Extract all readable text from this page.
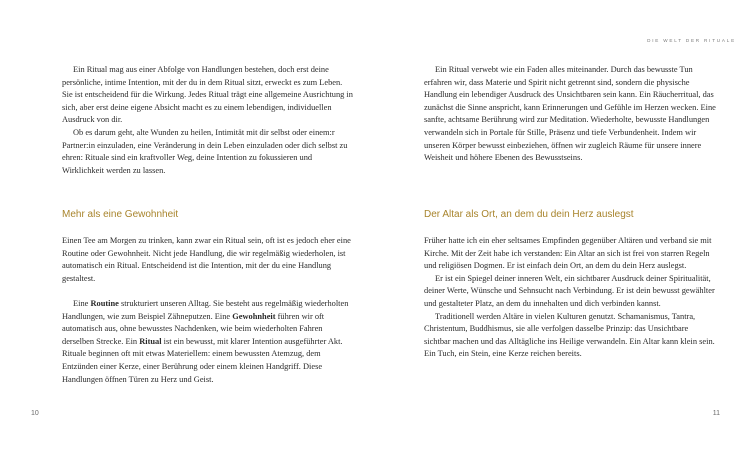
Ein Ritual mag aus einer Abfolge von Handlungen bestehen, doch erst deine persönliche, intime Intention, mit der du in dem Ritual sitzt, erweckt es zum Leben. Sie ist entscheidend für die Wirkung. Jedes Ritual trägt eine allgemeine Ausrichtung in sich, aber erst deine eigene Absicht macht es zu einem lebendigen, individuellen Ausdruck von dir.

Ob es darum geht, alte Wunden zu heilen, Intimität mit dir selbst oder einem:r Partner:in einzuladen, eine Veränderung in dein Leben einzuladen oder dich selbst zu ehren: Rituale sind ein kraftvoller Weg, deine Intention zu fokussieren und Wirklichkeit werden zu lassen.

Mehr als eine Gewohnheit

Einen Tee am Morgen zu trinken, kann zwar ein Ritual sein, oft ist es jedoch eher eine Routine oder Gewohnheit. Nicht jede Handlung, die wir regelmäßig wiederholen, ist automatisch ein Ritual. Entscheidend ist die Intention, mit der du eine Handlung gestaltest.

Eine Routine strukturiert unseren Alltag. Sie besteht aus regelmäßig wiederholten Handlungen, wie zum Beispiel Zähneputzen. Eine Gewohnheit führen wir oft automatisch aus, ohne bewusstes Nachdenken, wie beim wiederholten Fahren derselben Strecke. Ein Ritual ist ein bewusst, mit klarer Intention ausgeführter Akt.

Rituale beginnen oft mit etwas Materiellem: einem bewussten Atemzug, dem Entzünden einer Kerze, einer Berührung oder einem kleinen Handgriff. Diese Handlungen öffnen Türen zu Herz und Geist.

10
DIE WELT DER RITUALE

Ein Ritual verwebt wie ein Faden alles miteinander. Durch das bewusste Tun erfahren wir, dass Materie und Spirit nicht getrennt sind, sondern die physische Handlung ein lebendiger Ausdruck des Unsichtbaren sein kann. Ein Räucherritual, das zunächst die Sinne anspricht, kann Erinnerungen und Gefühle im Herzen wecken. Eine sanfte, achtsame Berührung wird zur Meditation. Wiederholte, bewusste Handlungen verwandeln sich in Portale für Stille, Präsenz und tiefe Verbundenheit. Indem wir unseren Körper bewusst einbeziehen, öffnen wir zugleich Räume für unsere innere Weisheit und höhere Ebenen des Bewusstseins.

Der Altar als Ort, an dem du dein Herz auslegst

Früher hatte ich ein eher seltsames Empfinden gegenüber Altären und verband sie mit Kirche. Mit der Zeit habe ich verstanden: Ein Altar an sich ist frei von starren Regeln und religiösen Dogmen. Er ist einfach dein Ort, an dem du dein Herz auslegst.

Er ist ein Spiegel deiner inneren Welt, ein sichtbarer Ausdruck deiner Spiritualität, deiner Werte, Wünsche und Sehnsucht nach Verbindung. Er ist dein bewusst gewählter und gestalteter Platz, an dem du innehalten und dich verbinden kannst.

Traditionell werden Altäre in vielen Kulturen genutzt. Schamanismus, Tantra, Christentum, Buddhismus, sie alle verfolgen dasselbe Prinzip: das Unsichtbare sichtbar machen und das Alltägliche ins Heilige verwandeln. Ein Altar kann klein sein. Ein Tuch, ein Stein, eine Kerze reichen bereits.

11
